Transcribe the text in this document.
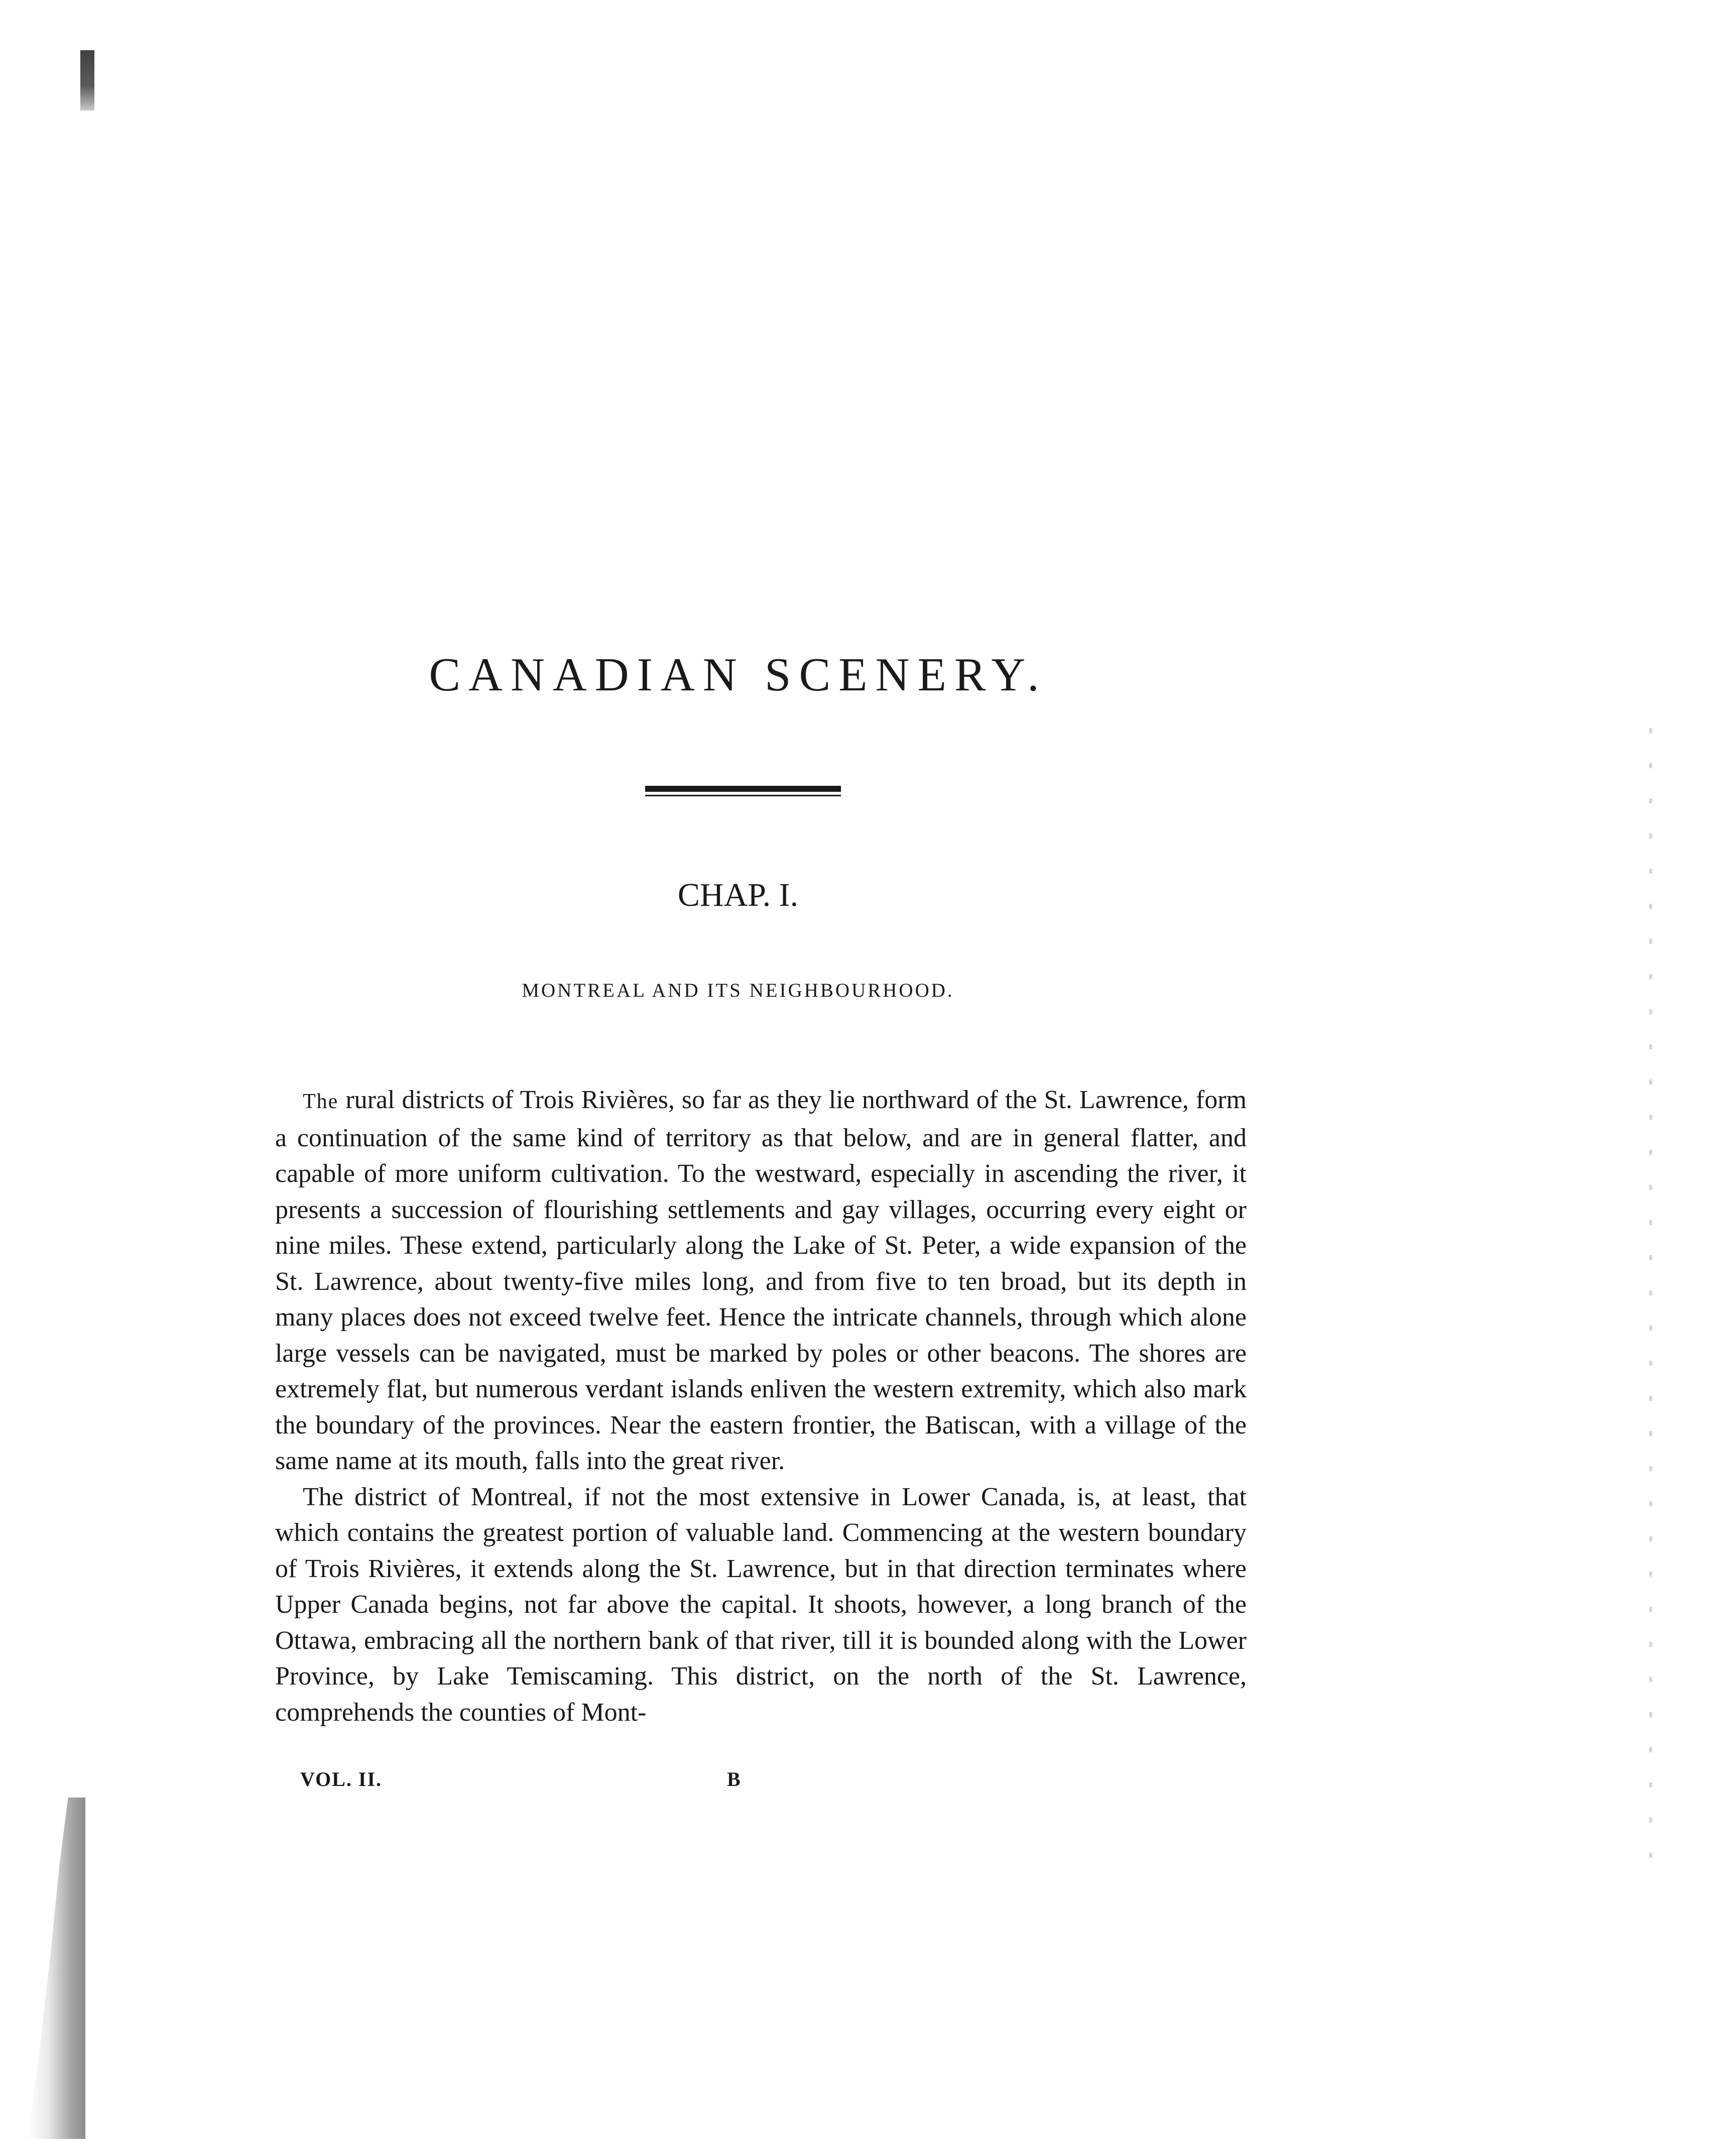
CANADIAN SCENERY.
CHAP. I.
MONTREAL AND ITS NEIGHBOURHOOD.

The rural districts of Trois Rivières, so far as they lie northward of the St. Lawrence, form a continuation of the same kind of territory as that below, and are in general flatter, and capable of more uniform cultivation. To the westward, especially in ascending the river, it presents a succession of flourishing settlements and gay villages, occurring every eight or nine miles. These extend, particularly along the Lake of St. Peter, a wide expansion of the St. Lawrence, about twenty-five miles long, and from five to ten broad, but its depth in many places does not exceed twelve feet. Hence the intricate channels, through which alone large vessels can be navigated, must be marked by poles or other beacons. The shores are extremely flat, but numerous verdant islands enliven the western extremity, which also mark the boundary of the provinces. Near the eastern frontier, the Batiscan, with a village of the same name at its mouth, falls into the great river.

The district of Montreal, if not the most extensive in Lower Canada, is, at least, that which contains the greatest portion of valuable land. Commencing at the western boundary of Trois Rivières, it extends along the St. Lawrence, but in that direction terminates where Upper Canada begins, not far above the capital. It shoots, however, a long branch of the Ottawa, embracing all the northern bank of that river, till it is bounded along with the Lower Province, by Lake Temiscaming. This district, on the north of the St. Lawrence, comprehends the counties of Mont-

VOL. II.	B
